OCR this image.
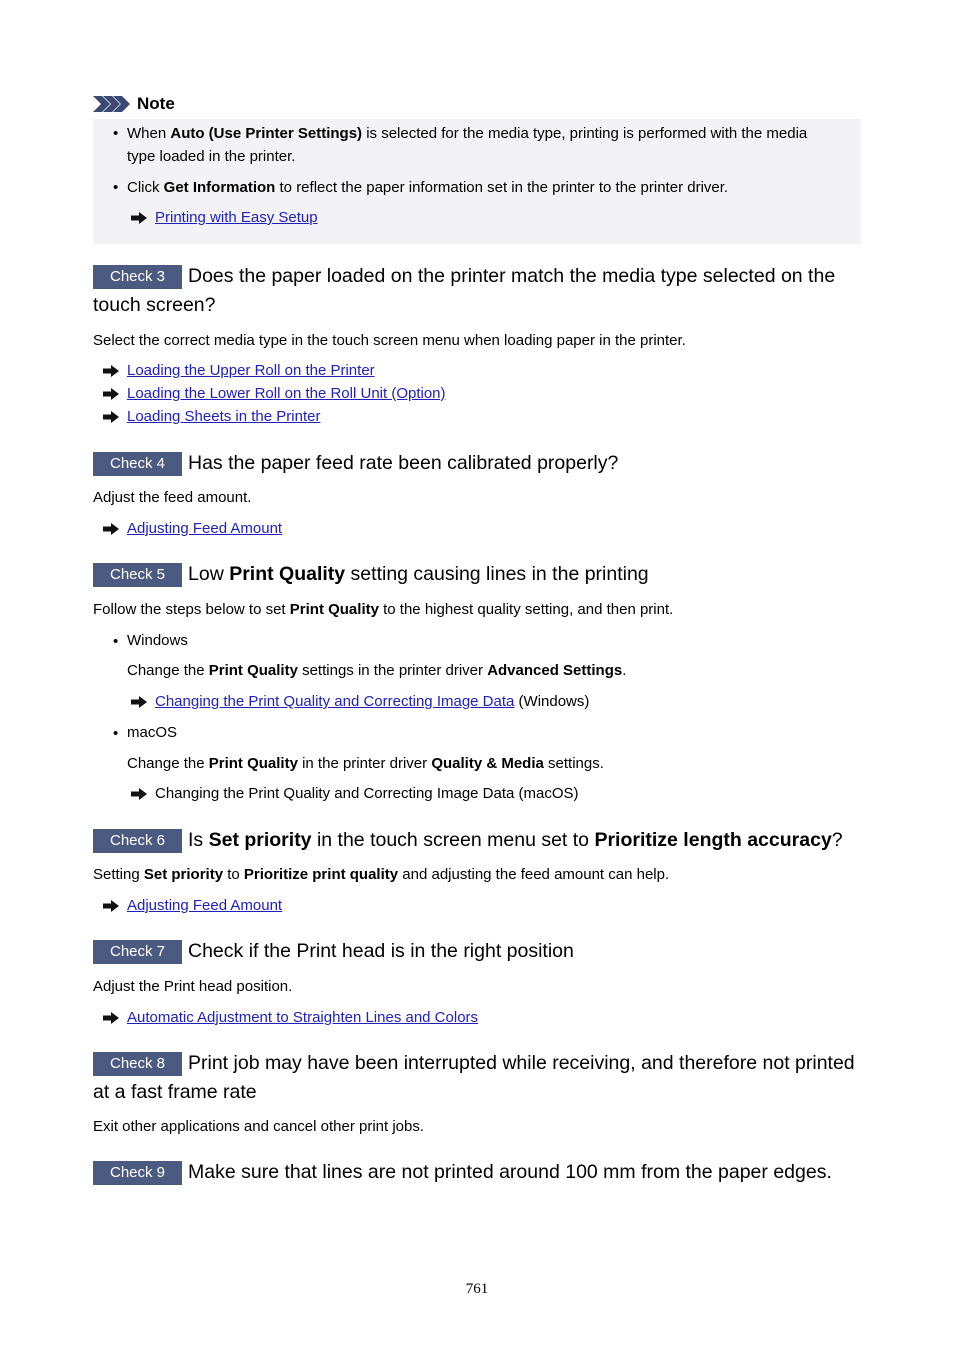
Note
• When Auto (Use Printer Settings) is selected for the media type, printing is performed with the media
type loaded in the printer.
• Click Get Information to reflect the paper information set in the printer to the printer driver.
Printing with Easy Setup
Check 3	Does the paper loaded on the printer match the media type selected on the
touch screen?
Select the correct media type in the touch screen menu when loading paper in the printer.
Loading the Upper Roll on the Printer
Loading the Lower Roll on the Roll Unit (Option)
Loading Sheets in the Printer
Check 4	Has the paper feed rate been calibrated properly?
Adjust the feed amount.
Adjusting Feed Amount
Check 5	Low Print Quality setting causing lines in the printing
Follow the steps below to set Print Quality to the highest quality setting, and then print.
• Windows
Change the Print Quality settings in the printer driver Advanced Settings.
Changing the Print Quality and Correcting Image Data (Windows)
• macOS
Change the Print Quality in the printer driver Quality & Media settings.
Changing the Print Quality and Correcting Image Data (macOS)
Check 6	Is Set priority in the touch screen menu set to Prioritize length accuracy?
Setting Set priority to Prioritize print quality and adjusting the feed amount can help.
Adjusting Feed Amount
Check 7	Check if the Print head is in the right position
Adjust the Print head position.
Automatic Adjustment to Straighten Lines and Colors
Check 8	Print job may have been interrupted while receiving, and therefore not printed
at a fast frame rate
Exit other applications and cancel other print jobs.
Check 9	Make sure that lines are not printed around 100 mm from the paper edges.
761
